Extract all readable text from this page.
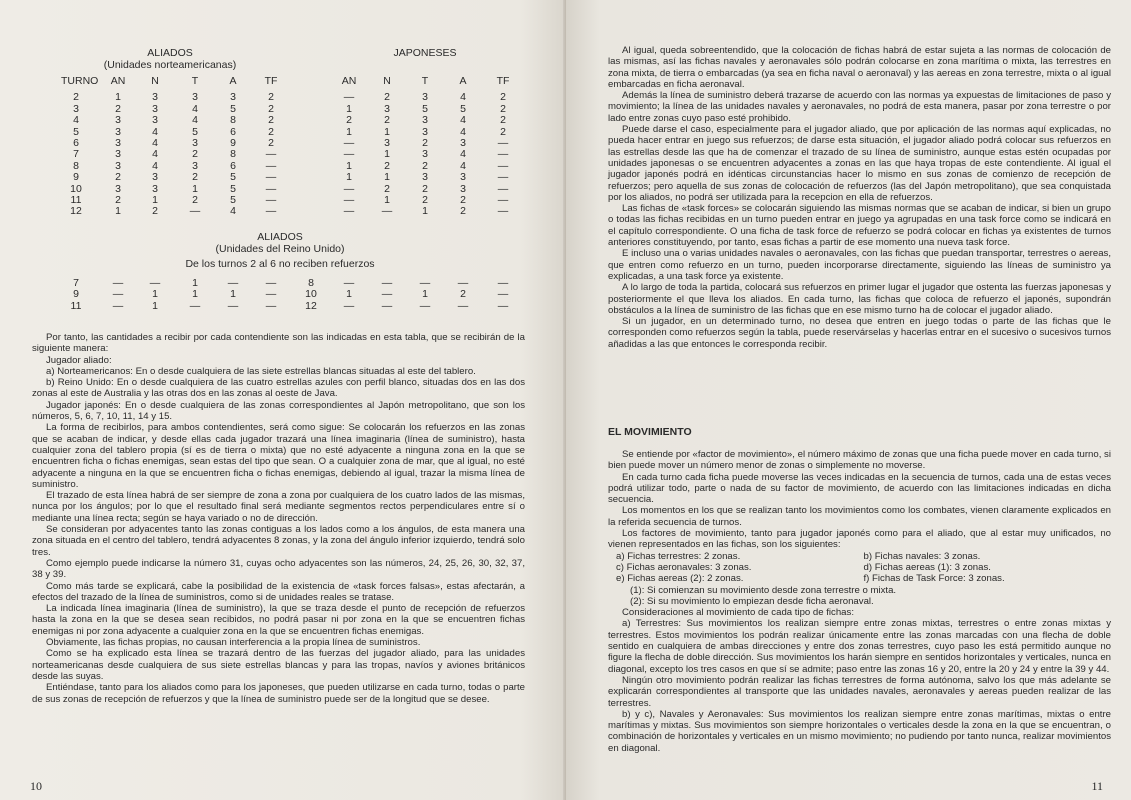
ALIADOS
(Unidades norteamericanas)
JAPONESES
TURNO	AN	N	T	A	TF	AN	N	T	A	TF
2	1	3	3	3	2	—	2	3	4	2
3	2	3	4	5	2	1	3	5	5	2
4	3	3	4	8	2	2	2	3	4	2
5	3	4	5	6	2	1	1	3	4	2
6	3	4	3	9	2	—	3	2	3	—
7	3	4	2	8	—	—	1	3	4	—
8	3	4	3	6	—	1	2	2	4	—
9	2	3	2	5	—	1	1	3	3	—
10	3	3	1	5	—	—	2	2	3	—
11	2	1	2	5	—	—	1	2	2	—
12	1	2	—	4	—	—	—	1	2	—
ALIADOS
(Unidades del Reino Unido)
De los turnos 2 al 6 no reciben refuerzos
7	—	—	1	—	—	8	—	—	—	—	—
9	—	1	1	1	—	10	1	—	1	2	—
11	—	1	—	—	—	12	—	—	—	—	—

Por tanto, las cantidades a recibir por cada contendiente son las indicadas en esta tabla, que se recibirán de la siguiente manera:

Jugador aliado:

a) Norteamericanos: En o desde cualquiera de las siete estrellas blancas situadas al este del tablero.

b) Reino Unido: En o desde cualquiera de las cuatro estrellas azules con perfil blanco, situadas dos en las dos zonas al este de Australia y las otras dos en las zonas al oeste de Java.

Jugador japonés: En o desde cualquiera de las zonas correspondientes al Japón metropolitano, que son los números, 5, 6, 7, 10, 11, 14 y 15.

La forma de recibirlos, para ambos contendientes, será como sigue: Se colocarán los refuerzos en las zonas que se acaban de indicar, y desde ellas cada jugador trazará una línea imaginaria (línea de suministro), hasta cualquier zona del tablero propia (sí es de tierra o mixta) que no esté adyacente a ninguna zona en la que se encuentren ficha o fichas enemigas, sean estas del tipo que sean. O a cualquier zona de mar, que al igual, no esté adyacente a ninguna en la que se encuentren ficha o fichas enemigas, debiendo al igual, trazar la misma línea de suministro.

El trazado de esta línea habrá de ser siempre de zona a zona por cualquiera de los cuatro lados de las mismas, nunca por los ángulos; por lo que el resultado final será mediante segmentos rectos perpendiculares entre sí o mediante una línea recta; según se haya variado o no de dirección.

Se consideran por adyacentes tanto las zonas contiguas a los lados como a los ángulos, de esta manera una zona situada en el centro del tablero, tendrá adyacentes 8 zonas, y la zona del ángulo inferior izquierdo, tendrá solo tres.

Como ejemplo puede indicarse la número 31, cuyas ocho adyacentes son las números, 24, 25, 26, 30, 32, 37, 38 y 39.

Como más tarde se explicará, cabe la posibilidad de la existencia de «task forces falsas», estas afectarán, a efectos del trazado de la línea de suministros, como si de unidades reales se tratase.

La indicada línea imaginaria (línea de suministro), la que se traza desde el punto de recepción de refuerzos hasta la zona en la que se desea sean recibidos, no podrá pasar ni por zona en la que se encuentren fichas enemigas ni por zona adyacente a cualquier zona en la que se encuentren fichas enemigas.

Obviamente, las fichas propias, no causan interferencia a la propia línea de suministros.

Como se ha explicado esta línea se trazará dentro de las fuerzas del jugador aliado, para las unidades norteamericanas desde cualquiera de sus siete estrellas blancas y para las tropas, navíos y aviones británicos desde las suyas.

Entiéndase, tanto para los aliados como para los japoneses, que pueden utilizarse en cada turno, todas o parte de sus zonas de recepción de refuerzos y que la línea de suministro puede ser de la longitud que se desee.

10

Al igual, queda sobreentendido, que la colocación de fichas habrá de estar sujeta a las normas de colocación de las mismas, así las fichas navales y aeronavales sólo podrán colocarse en zona marítima o mixta, las terrestres en zona mixta, de tierra o embarcadas (ya sea en ficha naval o aeronaval) y las aereas en zona terrestre, mixta o al igual embarcadas en ficha aeronaval.

Además la línea de suministro deberá trazarse de acuerdo con las normas ya expuestas de limitaciones de paso y movimiento; la línea de las unidades navales y aeronavales, no podrá de esta manera, pasar por zona terrestre o por lado entre zonas cuyo paso esté prohibido.

Puede darse el caso, especialmente para el jugador aliado, que por aplicación de las normas aquí explicadas, no pueda hacer entrar en juego sus refuerzos; de darse esta situación, el jugador aliado podrá colocar sus refuerzos en las estrellas desde las que ha de comenzar el trazado de su línea de suministro, aunque estas estén ocupadas por unidades japonesas o se encuentren adyacentes a zonas en las que haya tropas de este contendiente. Al igual el jugador japonés podrá en idénticas circunstancias hacer lo mismo en sus zonas de comienzo de recepción de refuerzos; pero aquella de sus zonas de colocación de refuerzos (las del Japón metropolitano), que sea conquistada por los aliados, no podrá ser utilizada para la recepcion en ella de refuerzos.

Las fichas de «task forces» se colocarán siguiendo las mismas normas que se acaban de indicar, si bien un grupo o todas las fichas recibidas en un turno pueden entrar en juego ya agrupadas en una task force como se indicará en el capítulo correspondiente. O una ficha de task force de refuerzo se podrá colocar en fichas ya existentes de turnos anteriores constituyendo, por tanto, esas fichas a partir de ese momento una nueva task force.

E incluso una o varias unidades navales o aeronavales, con las fichas que puedan transportar, terrestres o aereas, que entren como refuerzo en un turno, pueden incorporarse directamente, siguiendo las líneas de suministro ya explicadas, a una task force ya existente.

A lo largo de toda la partida, colocará sus refuerzos en primer lugar el jugador que ostenta las fuerzas japonesas y posteriormente el que lleva los aliados. En cada turno, las fichas que coloca de refuerzo el japonés, supondrán obstáculos a la línea de suministro de las fichas que en ese mismo turno ha de colocar el jugador aliado.

Si un jugador, en un determinado turno, no desea que entren en juego todas o parte de las fichas que le corresponden como refuerzos según la tabla, puede reservárselas y hacerlas entrar en el sucesivo o sucesivos turnos añadidas a las que entonces le corresponda recibir.

EL MOVIMIENTO

Se entiende por «factor de movimiento», el número máximo de zonas que una ficha puede mover en cada turno, si bien puede mover un número menor de zonas o simplemente no moverse.

En cada turno cada ficha puede moverse las veces indicadas en la secuencia de turnos, cada una de estas veces podrá utilizar todo, parte o nada de su factor de movimiento, de acuerdo con las limitaciones indicadas en dicha secuencia.

Los momentos en los que se realizan tanto los movimientos como los combates, vienen claramente explicados en la referida secuencia de turnos.

Los factores de movimiento, tanto para jugador japonés como para el aliado, que al estar muy unificados, no vienen representados en las fichas, son los siguientes:

a) Fichas terrestres: 2 zonas.	b) Fichas navales: 3 zonas.
c) Fichas aeronavales: 3 zonas.	d) Fichas aereas (1): 3 zonas.
e) Fichas aereas (2): 2 zonas.	f) Fichas de Task Force: 3 zonas.

(1): Si comienzan su movimiento desde zona terrestre o mixta.

(2): Si su movimiento lo empiezan desde ficha aeronaval.

Consideraciones al movimiento de cada tipo de fichas:

a) Terrestres: Sus movimientos los realizan siempre entre zonas mixtas, terrestres o entre zonas mixtas y terrestres. Estos movimientos los podrán realizar únicamente entre las zonas marcadas con una flecha de doble sentido en cualquiera de ambas direcciones y entre dos zonas terrestres, cuyo paso les está permitido aunque no figure la flecha de doble dirección. Sus movimientos los harán siempre en sentidos horizontales y verticales, nunca en diagonal, excepto los tres casos en que sí se admite; paso entre las zonas 16 y 20, entre la 20 y 24 y entre la 39 y 44.

Ningún otro movimiento podrán realizar las fichas terrestres de forma autónoma, salvo los que más adelante se explicarán correspondientes al transporte que las unidades navales, aeronavales y aereas pueden realizar de las terrestres.

b) y c), Navales y Aeronavales: Sus movimientos los realizan siempre entre zonas marítimas, mixtas o entre marítimas y mixtas. Sus movimientos son siempre horizontales o verticales desde la zona en la que se encuentran, o combinación de horizontales y verticales en un mismo movimiento; no pudiendo por tanto nunca, realizar movimientos en diagonal.

11
